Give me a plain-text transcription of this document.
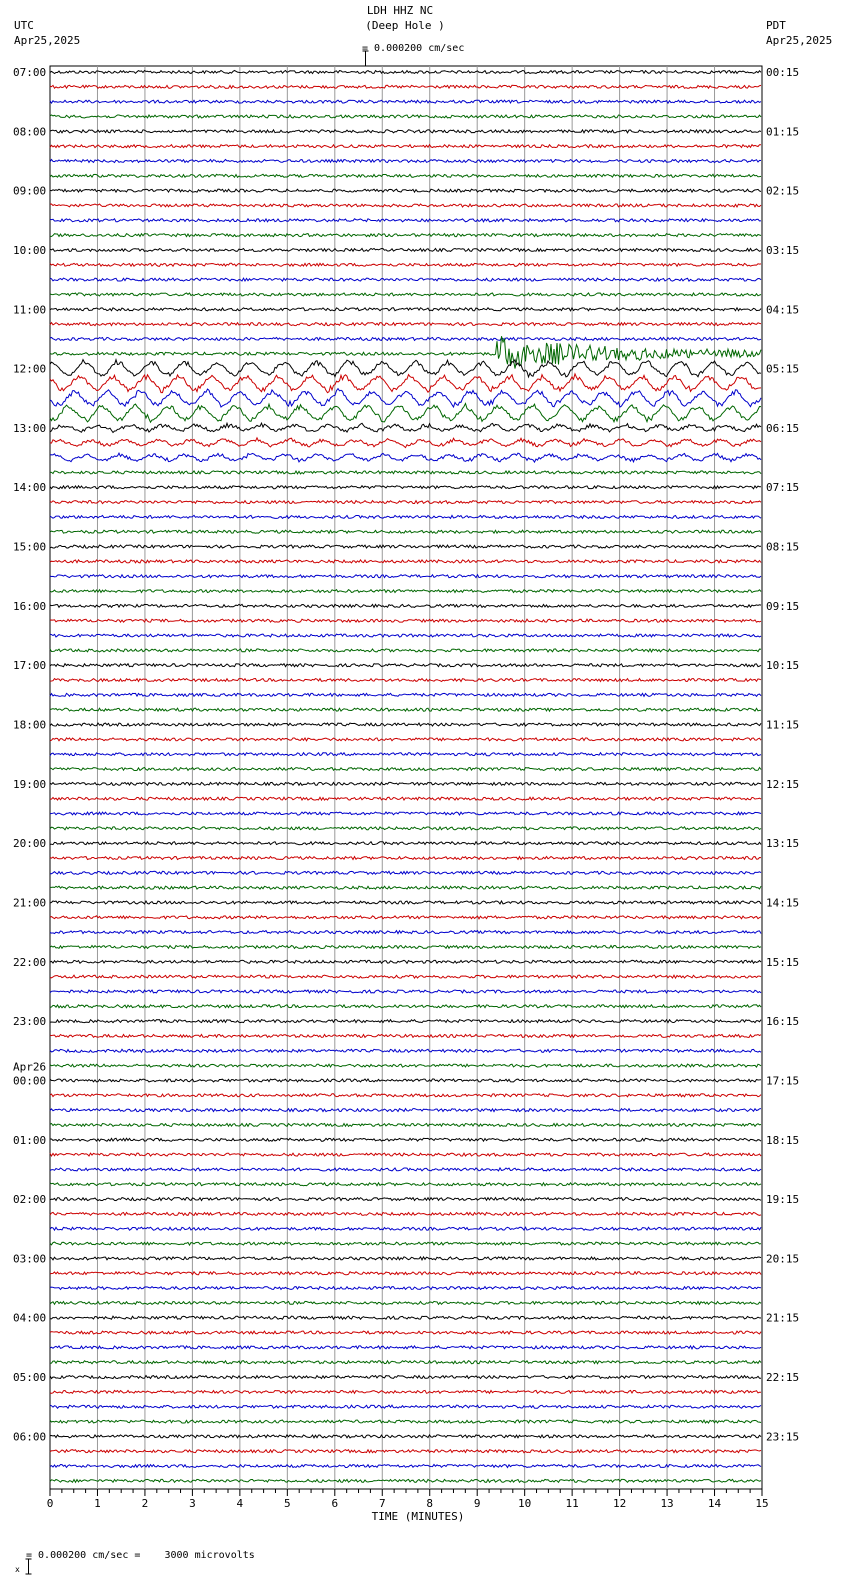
UTC
Apr25,2025
LDH HHZ NC
(Deep Hole )

= 0.000200 cm/sec
PDT
Apr25,2025
07:00
08:00
09:00
10:00
11:00
12:00
13:00
14:00
15:00
16:00
17:00
18:00
19:00
20:00
21:00
22:00
23:00
00:00
01:00
02:00
03:00
04:00
05:00
06:00
Apr26
00:15
01:15
02:15
03:15
04:15
05:15
06:15
07:15
08:15
09:15
10:15
11:15
12:15
13:15
14:15
15:15
16:15
17:15
18:15
19:15
20:15
21:15
22:15
23:15
0	1	2	3	4	5	6	7	8	9	10	11	12	13	14	15
TIME (MINUTES)

x

= 0.000200 cm/sec =    3000 microvolts
